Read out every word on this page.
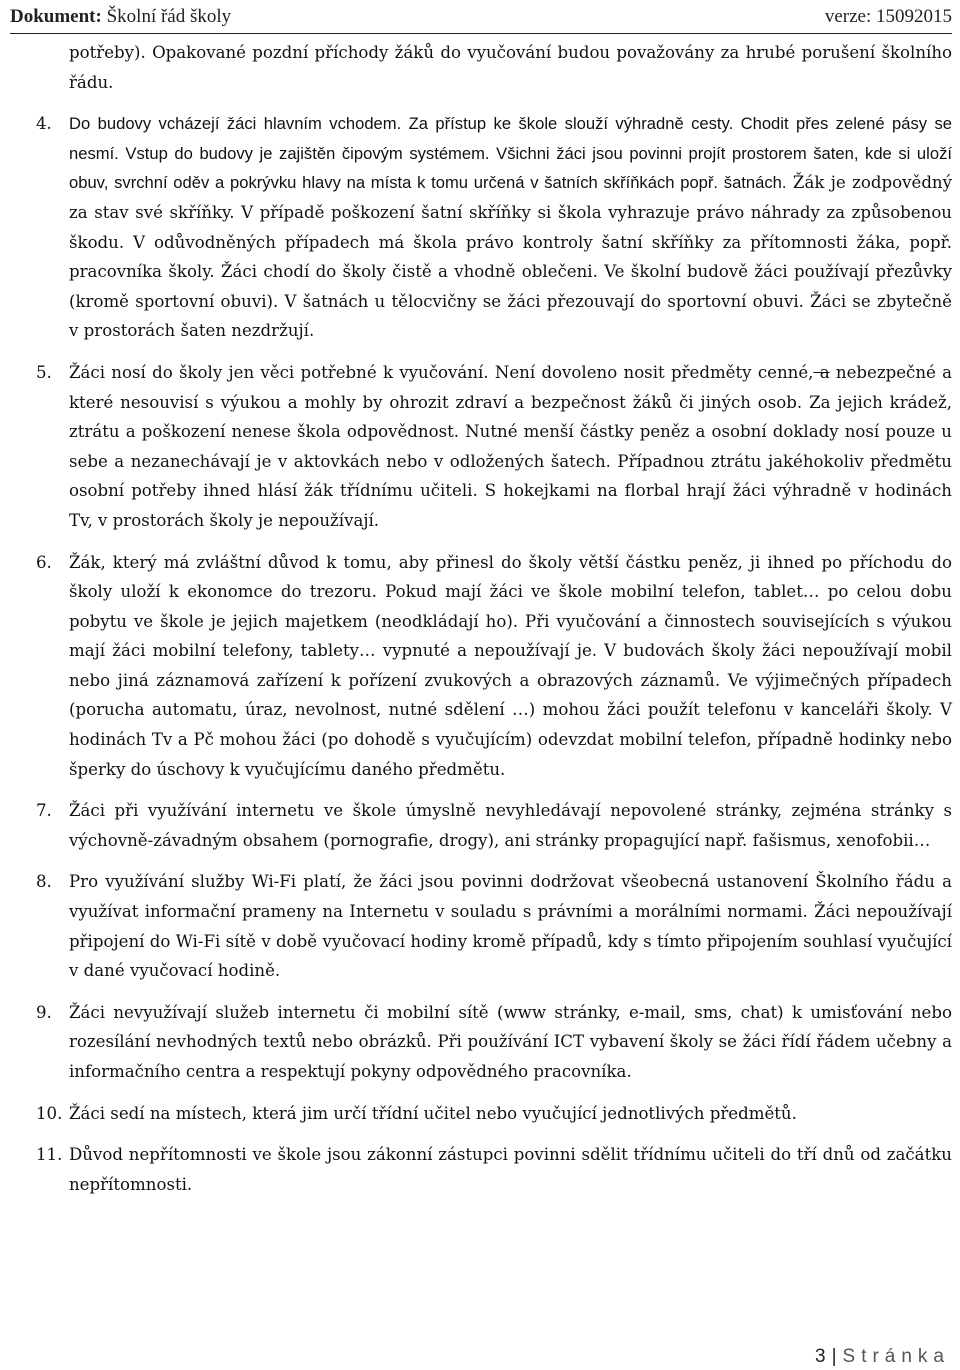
Dokument: Školní řád školy	verze: 15092015

potřeby). Opakované pozdní příchody žáků do vyučování budou považovány za hrubé porušení školního řádu.

4.	Do budovy vcházejí žáci hlavním vchodem. Za přístup ke škole slouží výhradně cesty. Chodit přes zelené pásy se nesmí. Vstup do budovy je zajištěn čipovým systémem. Všichni žáci jsou povinni projít prostorem šaten, kde si uloží obuv, svrchní oděv a pokrývku hlavy na místa k tomu určená v šatních skříňkách popř. šatnách. Žák je zodpovědný za stav své skříňky. V případě poškození šatní skříňky si škola vyhrazuje právo náhrady za způsobenou škodu. V odůvodněných případech má škola právo kontroly šatní skříňky za přítomnosti žáka, popř. pracovníka školy. Žáci chodí do školy čistě a vhodně oblečeni. Ve školní budově žáci používají přezůvky (kromě sportovní obuvi). V šatnách u tělocvičny se žáci přezouvají do sportovní obuvi. Žáci se zbytečně v prostorách šaten nezdržují.
5.	Žáci nosí do školy jen věci potřebné k vyučování. Není dovoleno nosit předměty cenné, a nebezpečné a které nesouvisí s výukou a mohly by ohrozit zdraví a bezpečnost žáků či jiných osob. Za jejich krádež, ztrátu a poškození nenese škola odpovědnost. Nutné menší částky peněz a osobní doklady nosí pouze u sebe a nezanechávají je v aktovkách nebo v odložených šatech. Případnou ztrátu jakéhokoliv předmětu osobní potřeby ihned hlásí žák třídnímu učiteli. S hokejkami na florbal hrají žáci výhradně v hodinách Tv, v prostorách školy je nepoužívají.
6.	Žák, který má zvláštní důvod k tomu, aby přinesl do školy větší částku peněz, ji ihned po příchodu do školy uloží k ekonomce do trezoru. Pokud mají žáci ve škole mobilní telefon, tablet… po celou dobu pobytu ve škole je jejich majetkem (neodkládají ho). Při vyučování a činnostech souvisejících s výukou mají žáci mobilní telefony, tablety… vypnuté a nepoužívají je. V budovách školy žáci nepoužívají mobil nebo jiná záznamová zařízení k pořízení zvukových a obrazových záznamů. Ve výjimečných případech (porucha automatu, úraz, nevolnost, nutné sdělení …) mohou žáci použít telefonu v kanceláři školy. V hodinách Tv a Pč mohou žáci (po dohodě s vyučujícím) odevzdat mobilní telefon, případně hodinky nebo šperky do úschovy k vyučujícímu daného předmětu.
7.	Žáci při využívání internetu ve škole úmyslně nevyhledávají nepovolené stránky, zejména stránky s výchovně-závadným obsahem (pornografie, drogy), ani stránky propagující např. fašismus, xenofobii…
8.	Pro využívání služby Wi-Fi platí, že žáci jsou povinni dodržovat všeobecná ustanovení Školního řádu a využívat informační prameny na Internetu v souladu s právními a morálními normami. Žáci nepoužívají připojení do Wi-Fi sítě v době vyučovací hodiny kromě případů, kdy s tímto připojením souhlasí vyučující v dané vyučovací hodině.
9.	Žáci nevyužívají služeb internetu či mobilní sítě (www stránky, e-mail, sms, chat) k umisťování nebo rozesílání nevhodných textů nebo obrázků. Při používání ICT vybavení školy se žáci řídí řádem učebny a informačního centra a respektují pokyny odpovědného pracovníka.
10. Žáci sedí na místech, která jim určí třídní učitel nebo vyučující jednotlivých předmětů.
11. Důvod nepřítomnosti ve škole jsou zákonní zástupci povinni sdělit třídnímu učiteli do tří dnů od začátku nepřítomnosti.
3 | Stránka
